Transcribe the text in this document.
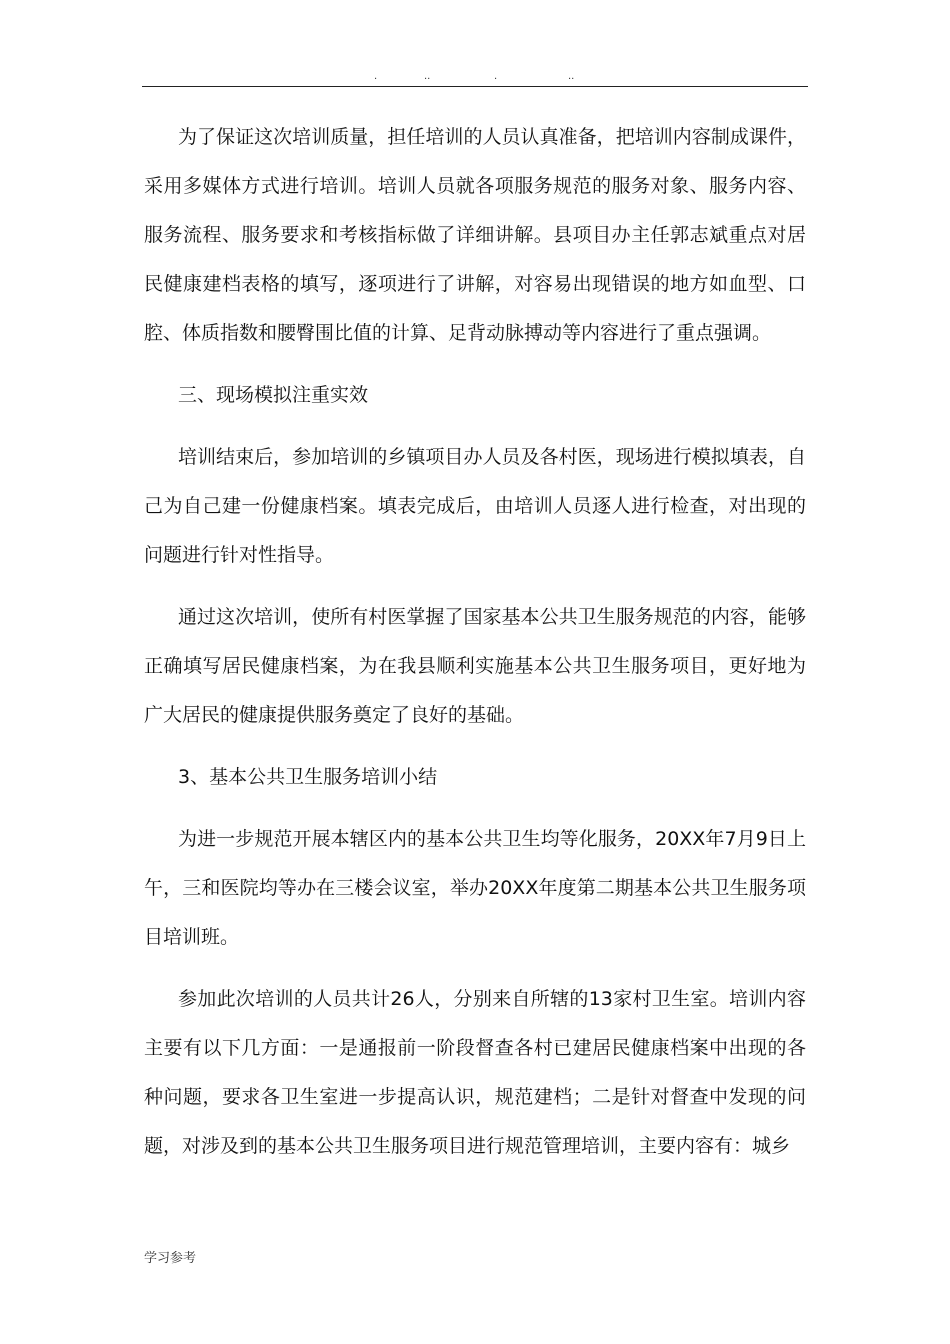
.	..	.	..

为了保证这次培训质量，担任培训的人员认真准备，把培训内容制成课件，采用多媒体方式进行培训。培训人员就各项服务规范的服务对象、服务内容、服务流程、服务要求和考核指标做了详细讲解。县项目办主任郭志斌重点对居民健康建档表格的填写，逐项进行了讲解，对容易出现错误的地方如血型、口腔、体质指数和腰臀围比值的计算、足背动脉搏动等内容进行了重点强调。

三、现场模拟注重实效

培训结束后，参加培训的乡镇项目办人员及各村医，现场进行模拟填表，自己为自己建一份健康档案。填表完成后，由培训人员逐人进行检查，对出现的问题进行针对性指导。

通过这次培训，使所有村医掌握了国家基本公共卫生服务规范的内容，能够正确填写居民健康档案，为在我县顺利实施基本公共卫生服务项目，更好地为广大居民的健康提供服务奠定了良好的基础。

3、基本公共卫生服务培训小结

为进一步规范开展本辖区内的基本公共卫生均等化服务，20XX年7月9日上午，三和医院均等办在三楼会议室，举办20XX年度第二期基本公共卫生服务项目培训班。

参加此次培训的人员共计26人，分别来自所辖的13家村卫生室。培训内容主要有以下几方面：一是通报前一阶段督查各村已建居民健康档案中出现的各种问题，要求各卫生室进一步提高认识，规范建档；二是针对督查中发现的问题，对涉及到的基本公共卫生服务项目进行规范管理培训，主要内容有：城乡

学习参考
